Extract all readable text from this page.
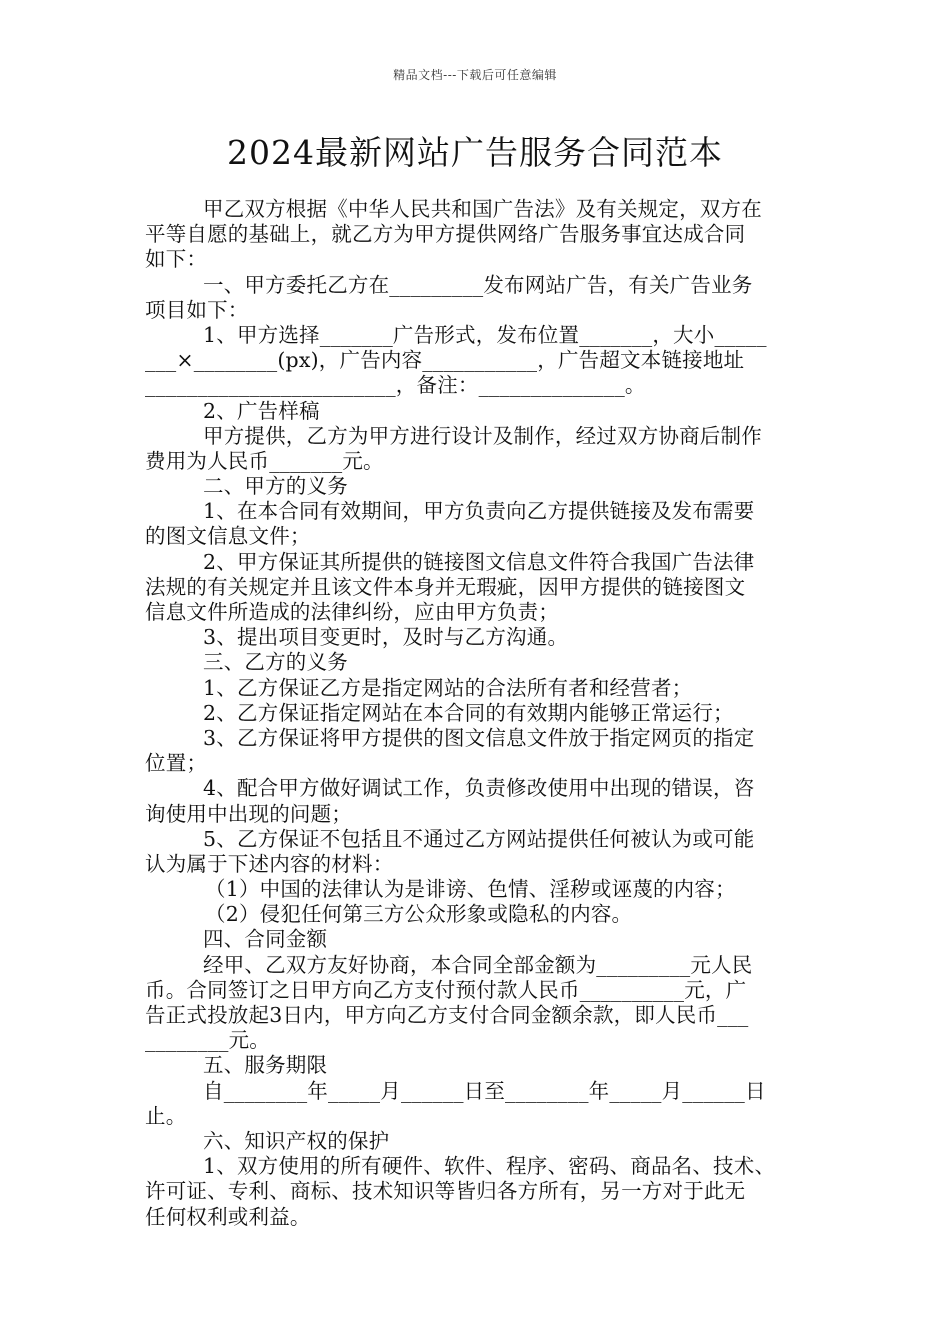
精品文档---下载后可任意编辑
2024最新网站广告服务合同范本
甲乙双方根据《中华人民共和国广告法》及有关规定，双方在
平等自愿的基础上，就乙方为甲方提供网络广告服务事宜达成合同
如下：
一、甲方委托乙方在_________发布网站广告，有关广告业务
项目如下：
1、甲方选择_______广告形式，发布位置_______，大小_____
___×________(px)，广告内容___________，广告超文本链接地址
________________________，备注：______________。
2、广告样稿
甲方提供，乙方为甲方进行设计及制作，经过双方协商后制作
费用为人民币_______元。
二、甲方的义务
1、在本合同有效期间，甲方负责向乙方提供链接及发布需要
的图文信息文件；
2、甲方保证其所提供的链接图文信息文件符合我国广告法律
法规的有关规定并且该文件本身并无瑕疵，因甲方提供的链接图文
信息文件所造成的法律纠纷，应由甲方负责；
3、提出项目变更时，及时与乙方沟通。
三、乙方的义务
1、乙方保证乙方是指定网站的合法所有者和经营者；
2、乙方保证指定网站在本合同的有效期内能够正常运行；
3、乙方保证将甲方提供的图文信息文件放于指定网页的指定
位置；
4、配合甲方做好调试工作，负责修改使用中出现的错误，咨
询使用中出现的问题；
5、乙方保证不包括且不通过乙方网站提供任何被认为或可能
认为属于下述内容的材料：
（1）中国的法律认为是诽谤、色情、淫秽或诬蔑的内容；
（2）侵犯任何第三方公众形象或隐私的内容。
四、合同金额
经甲、乙双方友好协商，本合同全部金额为_________元人民
币。合同签订之日甲方向乙方支付预付款人民币__________元，广
告正式投放起3日内，甲方向乙方支付合同金额余款，即人民币___
________元。
五、服务期限
自________年_____月______日至________年_____月______日
止。
六、知识产权的保护
1、双方使用的所有硬件、软件、程序、密码、商品名、技术、
许可证、专利、商标、技术知识等皆归各方所有，另一方对于此无
任何权利或利益。
